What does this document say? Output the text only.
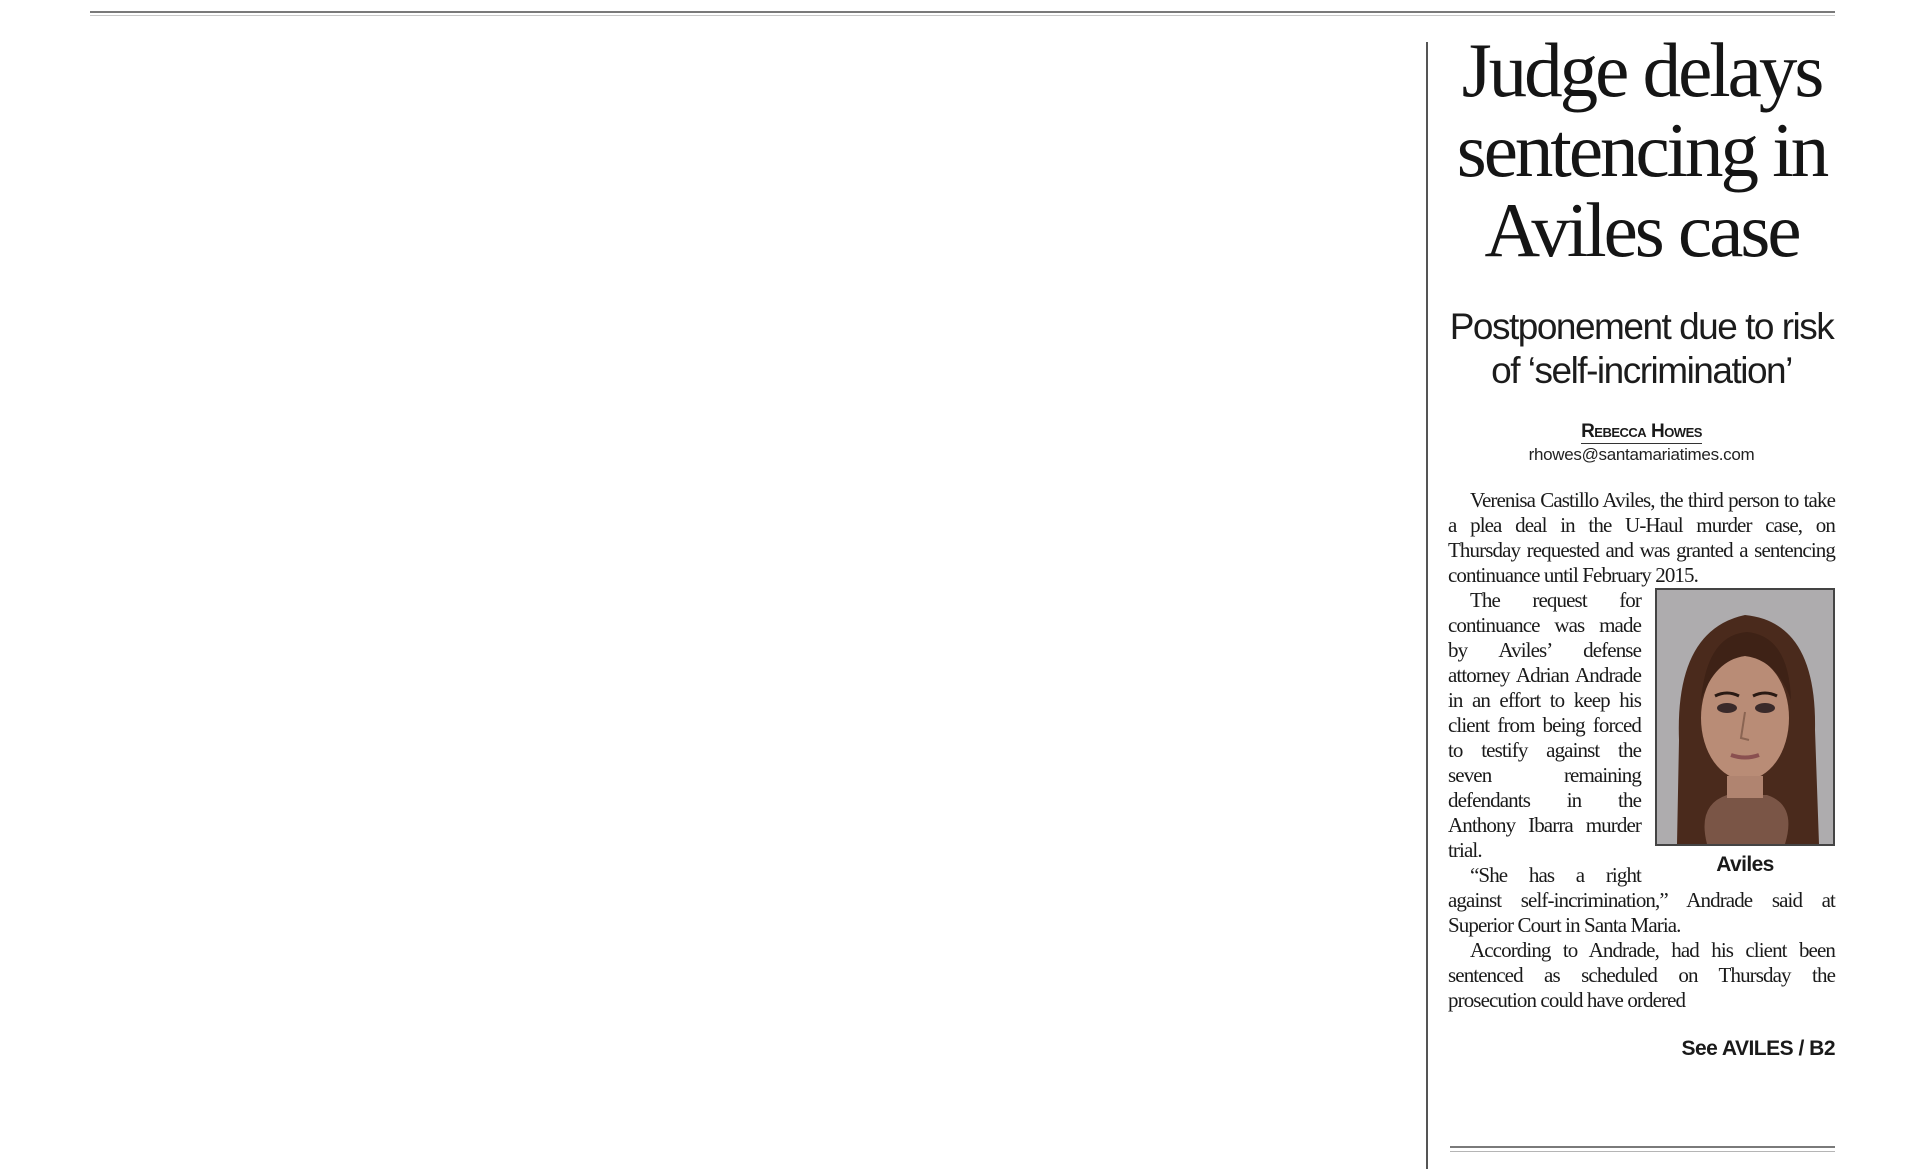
Judge delays sentencing in Aviles case
Postponement due to risk of ‘self-incrimination’
Rebecca Howes
rhowes@santamariatimes.com

Verenisa Castillo Aviles, the third person to take a plea deal in the U-Haul murder case, on Thursday requested and was granted a sentencing continuance until February 2015.

Aviles

The request for continuance was made by Aviles’ defense attorney Adrian Andrade in an effort to keep his client from being forced to testify against the seven remaining defendants in the Anthony Ibarra murder trial.

“She has a right against self-incrimination,” Andrade said at Superior Court in Santa Maria.

According to Andrade, had his client been sentenced as scheduled on Thursday the prosecution could have ordered

See AVILES / B2
